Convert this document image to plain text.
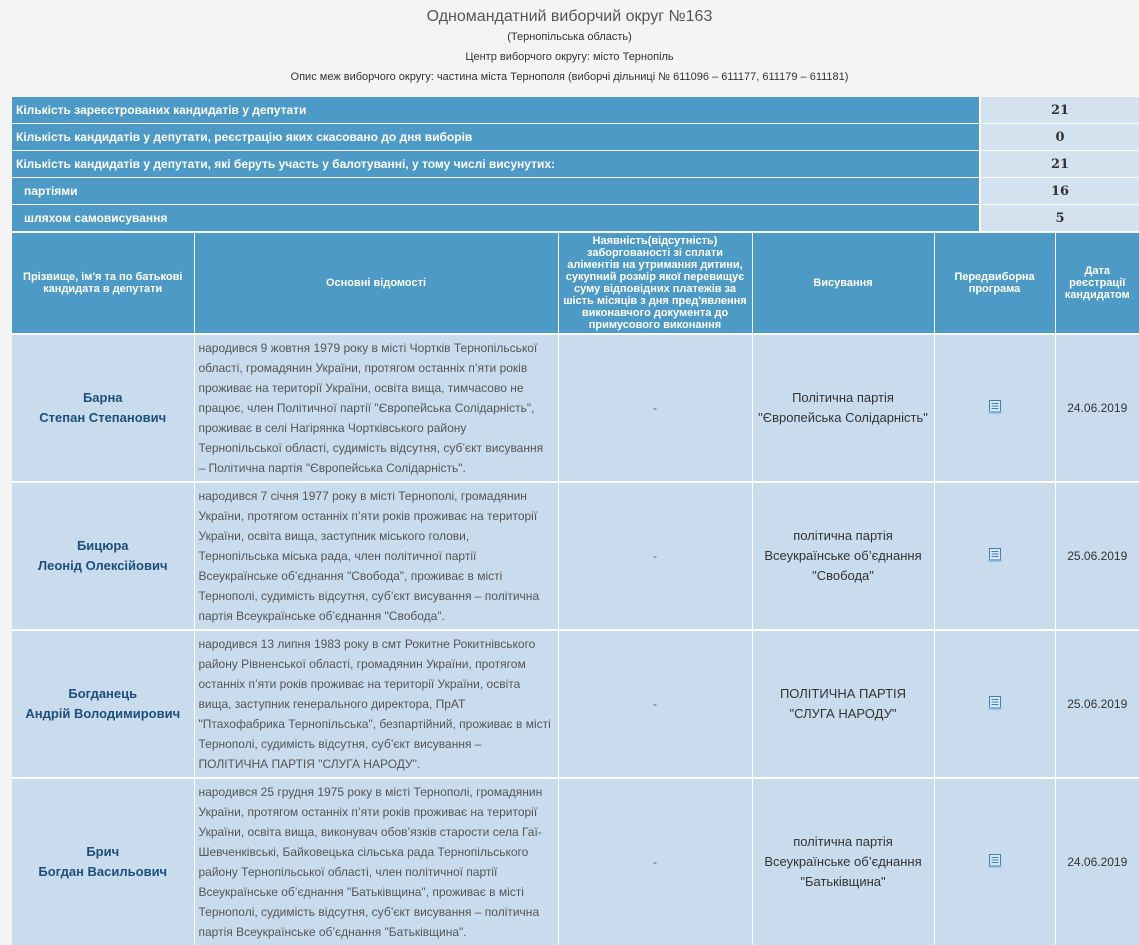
Одномандатний виборчий округ №163
(Тернопільська область)
Центр виборчого округу: місто Тернопіль
Опис меж виборчого округу: частина міста Тернополя (виборчі дільниці № 611096 – 611177, 611179 – 611181)
Кількість зареєстрованих кандидатів у депутати	21
Кількість кандидатів у депутати, реєстрацію яких скасовано до дня виборів	0
Кількість кандидатів у депутати, які беруть участь у балотуванні, у тому числі висунутих:	21
партіями	16
шляхом самовисування	5
Прізвище, ім'я та по батькові кандидата в депутати	Основні відомості	Наявність(відсутність) заборгованості зі сплати аліментів на утримання дитини, сукупний розмір якої перевищує суму відповідних платежів за шість місяців з дня пред'явлення виконавчого документа до примусового виконання	Висування	Передвиборна програма	Дата реєстрації кандидатом

Барна
Степан Степанович	народився 9 жовтня 1979 року в місті Чортків Тернопільської області, громадянин України, протягом останніх п’яти років проживає на території України, освіта вища, тимчасово не працює, член Політичної партії "Європейська Солідарність", проживає в селі Нагірянка Чортківського району Тернопільської області, судимість відсутня, суб’єкт висування – Політична партія "Європейська Солідарність".	-	Політична партія "Європейська Солідарність"		24.06.2019

Бицюра
Леонід Олексійович	народився 7 січня 1977 року в місті Тернополі, громадянин України, протягом останніх п’яти років проживає на території України, освіта вища, заступник міського голови, Тернопільська міська рада, член політичної партії Всеукраїнське об’єднання "Свобода", проживає в місті Тернополі, судимість відсутня, суб’єкт висування – політична партія Всеукраїнське об’єднання "Свобода".	-	політична партія Всеукраїнське об’єднання "Свобода"		25.06.2019

Богданець
Андрій Володимирович	народився 13 липня 1983 року в смт Рокитне Рокитнівського району Рівненської області, громадянин України, протягом останніх п’яти років проживає на території України, освіта вища, заступник генерального директора, ПрАТ "Птахофабрика Тернопільська", безпартійний, проживає в місті Тернополі, судимість відсутня, суб’єкт висування – ПОЛІТИЧНА ПАРТІЯ "СЛУГА НАРОДУ".	-	ПОЛІТИЧНА ПАРТІЯ "СЛУГА НАРОДУ"		25.06.2019

Брич
Богдан Васильович	народився 25 грудня 1975 року в місті Тернополі, громадянин України, протягом останніх п’яти років проживає на території України, освіта вища, виконувач обов’язків старости села Гаї-Шевченківські, Байковецька сільська рада Тернопільського району Тернопільської області, член політичної партії Всеукраїнське об’єднання "Батьківщина", проживає в місті Тернополі, судимість відсутня, суб’єкт висування – політична партія Всеукраїнське об’єднання "Батьківщина".	-	політична партія Всеукраїнське об’єднання "Батьківщина"		24.06.2019
